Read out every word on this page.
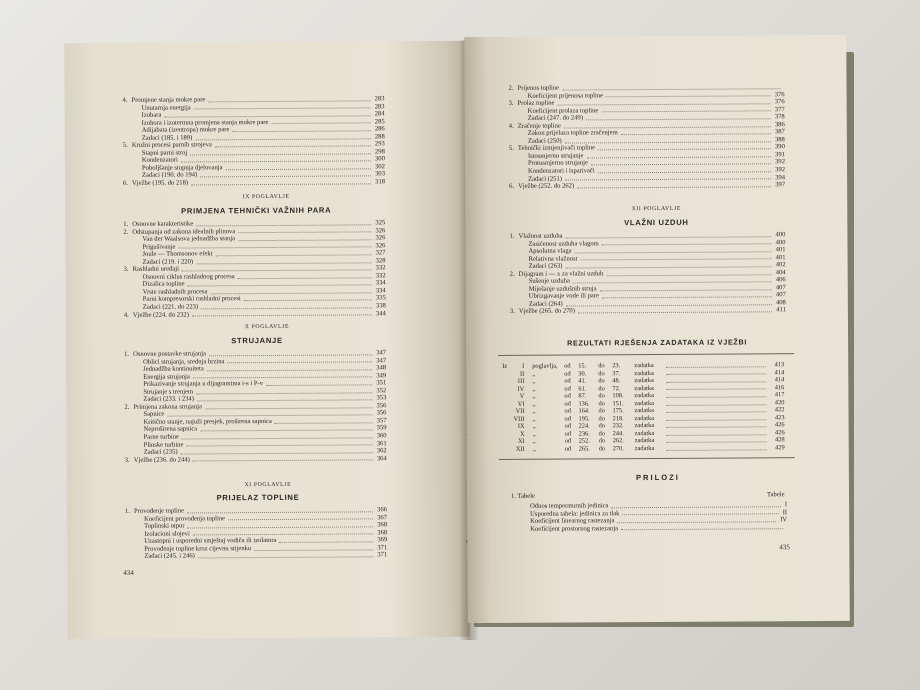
4. Promjene stanja mokre pare	283
Unutarnja energija	283
Izobara	284
Izohora i izotermna promjena stanja mokre pare	285
Adijabata (izentropa) mokre pare	286
Zadaci (185. i 189)	288
5. Kružni procesi parnih strojeva	293
Stapni parni stroj	298
Kondenzatori	300
Poboljšanje stupnja djelovanja	302
Zadaci (190. do 194)	303
6. Vježbe (195. do 218)	318
IX POGLAVLJE
PRIMJENA TEHNIČKI VAŽNIH PARA
1. Osnovne karakteristike	325
2. Odstupanja od zakona idealnih plinova	326
Van der Waalsova jednadžba stanja	326
Prigušivanje	326
Joule — Thomsonov efekt	327
Zadaci (219. i 220)	328
3. Rashladni uređaji	332
Osnovni ciklus rashladnog procesa	332
Dizalica topline	334
Vrste rashladnih procesa	334
Parni kompresorski rashladni procesi	335
Zadaci (221. do 223)	338
4. Vježbe (224. do 232)	344
X POGLAVLJE
STRUJANJE
1. Osnovne postavke strujanja	347
Oblici strujanja, srednja brzina	347
Jednadžba kontinuiteta	348
Energija strujanja	349
Prikazivanje strujanja u dijagramima i-s i P-v	351
Strujanje s trenjem	352
Zadaci (233. i 234)	353
2. Primjena zakona strujanja	356
Sapnice	356
Kritično stanje, najuži presjek, proširena sapnica	357
Neproširena sapnica	359
Parne turbine	360
Plinske turbine	361
Zadaci (235)	362
3. Vježbe (236. do 244)	364
XI POGLAVLJE
PRIJELAZ TOPLINE
1. Provođenje topline	366
Koeficijent provođenja topline	367
Toplinski otpor	368
Izolacioni slojevi	368
Uzastopni i usporedni smještaj vodiča ili izolatora	369
Provođenje topline kroz cijevnu stijenku	371
Zadaci (245. i 246)	371
434
2. Prijenos topline
Koeficijent prijenosa topline	376
3. Prolaz topline	376
Koeficijent prolaza topline	377
Zadaci (247. do 249)	378
4. Zračenje topline	386
Zakon prijelaza topline zračenjem	387
Zadaci (250)	388
5. Tehnički izmjenjivači topline	390
Istosmjerno strujanje	391
Protusmjerno strujanje	392
Kondenzatori i isparivači	392
Zadaci (251)	394
6. Vježbe (252. do 262)	397
XII POGLAVLJE
VLAŽNI UZDUH
1. Vlažnost uzduha	400
Zasićenost uzduha vlagom	400
Apsolutna vlaga	401
Relativna vlažnost	401
Zadaci (263)	402
2. Dijagram i — x za vlažni uzduh	404
Sušenje uzduha	406
Miješanje uzdušnih struja	407
Ubrizgavanje vode ili pare	407
Zadaci (264)	408
3. Vježbe (265. do 270)	411
REZULTATI RJEŠENJA ZADATAKA IZ VJEŽBI
Iz	I poglavlja, od 15. do 23. zadatka	413
II ,,	od 30. do 37. zadatka	414
III ,,	od 41. do 48. zadatka	414
IV ,,	od 61. do 72. zadatka	416
V ,,	od 87. do 108. zadatka	417
VI ,,	od 136. do 151. zadatka	420
VII ,,	od 164. do 175. zadatka	422
VIII ,,	od 195. do 218. zadatka	423
IX ,,	od 224. do 232. zadatka	426
X ,,	od 236. do 244. zadatka	426
XI ,,	od 252. do 262. zadatka	428
XII ,,	od 265. do 270. zadatka	429
PRILOZI
1. Tabele	Tabele
Odnos temperaturnih jedinica	I
Usporedna tabela: jedinica za tlak	II
Koeficijent linearnog rastezanja	IV
Koeficijent prostornog rastezanja
435
